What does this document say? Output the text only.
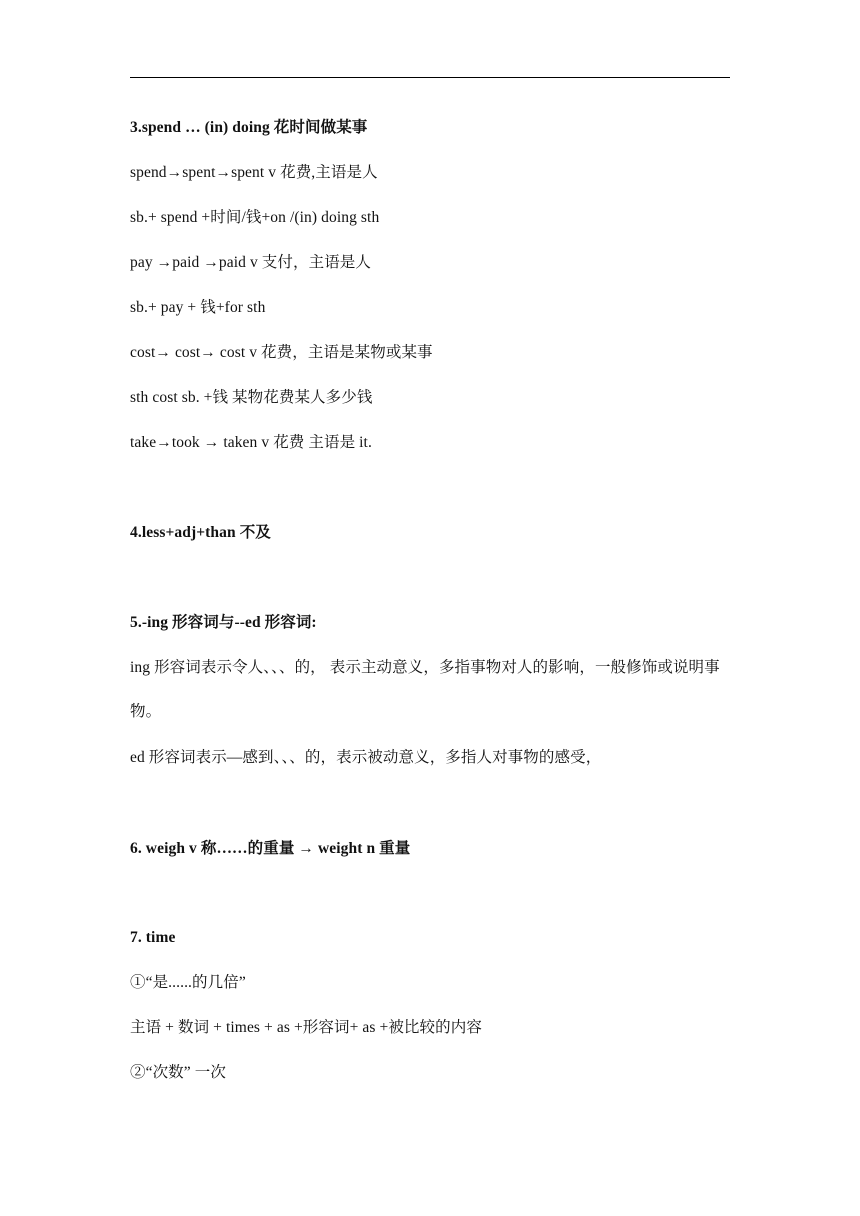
3.spend … (in) doing 花时间做某事
spend→spent→spent v 花费,主语是人
sb.+ spend +时间/钱+on /(in) doing sth
pay →paid →paid v 支付，主语是人
sb.+ pay + 钱+for sth
cost→ cost→ cost v 花费，主语是某物或某事
sth cost sb. +钱 某物花费某人多少钱
take→took → taken v 花费 主语是 it.
4.less+adj+than 不及
5.-ing 形容词与--ed 形容词:
ing 形容词表示令人、、、的， 表示主动意义，多指事物对人的影响，一般修饰或说明事物。
ed 形容词表示—感到、、、的，表示被动意义，多指人对事物的感受，
6. weigh v 称……的重量 → weight n 重量
7. time
①“是......的几倍”
主语 + 数词 + times + as +形容词+ as +被比较的内容
②“次数” 一次
